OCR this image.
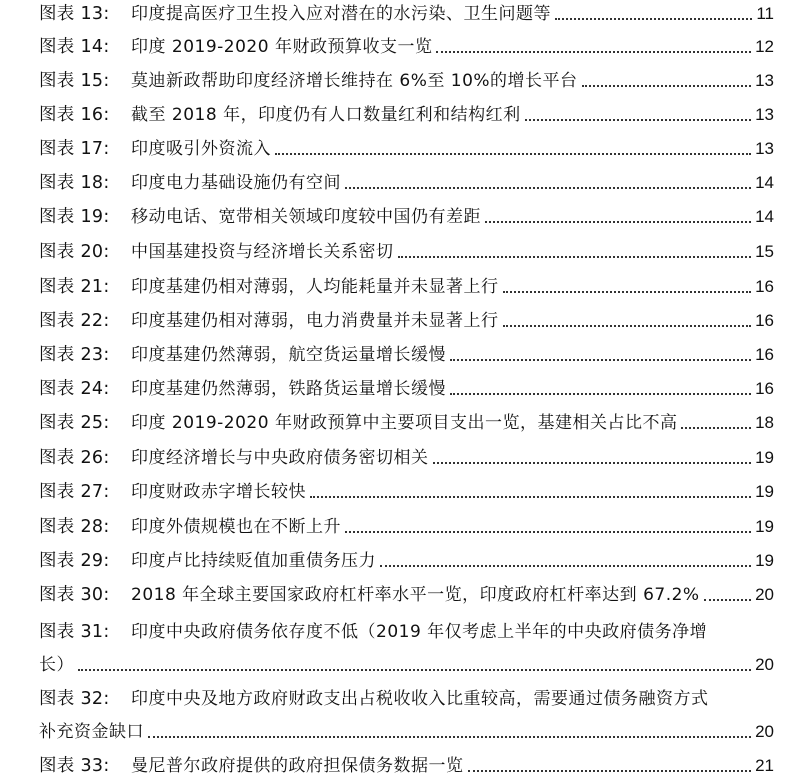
图表 13: 印度提高医疗卫生投入应对潜在的水污染、卫生问题等	11
图表 14: 印度 2019-2020 年财政预算收支一览	12
图表 15: 莫迪新政帮助印度经济增长维持在 6%至 10%的增长平台	13
图表 16: 截至 2018 年，印度仍有人口数量红利和结构红利	13
图表 17: 印度吸引外资流入	13
图表 18: 印度电力基础设施仍有空间	14
图表 19: 移动电话、宽带相关领域印度较中国仍有差距	14
图表 20: 中国基建投资与经济增长关系密切	15
图表 21: 印度基建仍相对薄弱，人均能耗量并未显著上行	16
图表 22: 印度基建仍相对薄弱，电力消费量并未显著上行	16
图表 23: 印度基建仍然薄弱，航空货运量增长缓慢	16
图表 24: 印度基建仍然薄弱，铁路货运量增长缓慢	16
图表 25: 印度 2019-2020 年财政预算中主要项目支出一览，基建相关占比不高	18
图表 26: 印度经济增长与中央政府债务密切相关	19
图表 27: 印度财政赤字增长较快	19
图表 28: 印度外债规模也在不断上升	19
图表 29: 印度卢比持续贬值加重债务压力	19
图表 30: 2018 年全球主要国家政府杠杆率水平一览，印度政府杠杆率达到 67.2%	20
图表 31: 印度中央政府债务依存度不低（2019 年仅考虑上半年的中央政府债务净增
长）	20
图表 32: 印度中央及地方政府财政支出占税收收入比重较高，需要通过债务融资方式
补充资金缺口	20
图表 33: 曼尼普尔政府提供的政府担保债务数据一览	21
